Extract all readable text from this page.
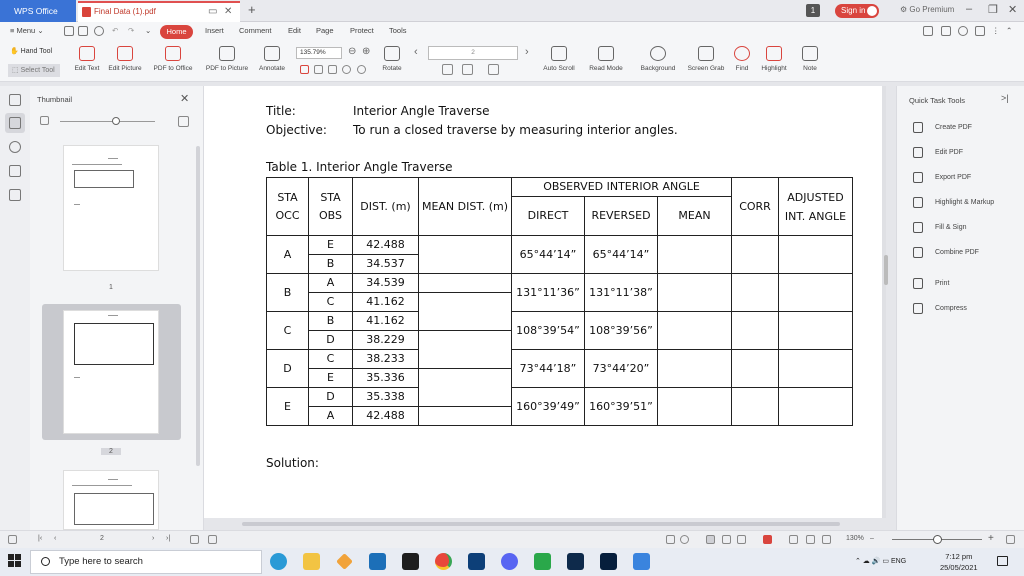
WPS Office	Final Data (1).pdf	▭ ✕ +	1	Sign in	⚙ Go Premium – ❐ ✕
≡ Menu ⌄	↶ ↷ ⌄	Home	Insert Comment Edit Page Protect Tools	⋮ ⌃
✋ Hand Tool
⬚ Select Tool	Edit Text	Edit Picture	PDF to Office	PDF to Picture	Annotate
135.79%	⊖ ⊕
Rotate
‹	2	›
Auto Scroll	Read Mode	Background	Screen Grab	Find	Highlight	Note
Thumbnail	✕
1
2
Title:	Interior Angle Traverse
Objective: To run a closed traverse by measuring interior angles.
Table 1. Interior Angle Traverse
STA OCC	STA OBS	DIST. (m)	MEAN DIST. (m)	OBSERVED INTERIOR ANGLE			CORR	ADJUSTED INT. ANGLE
				DIRECT	REVERSED	MEAN		
A	E	42.488		65°44’14”	65°44’14”			
	B	34.537						
B	A	34.539		131°11’36”	131°11’38”			
	C	41.162						
C	B	41.162		108°39’54”	108°39’56”			
	D	38.229						
D	C	38.233		73°44’18”	73°44’20”			
	E	35.336						
E	D	35.338		160°39’49”	160°39’51”			
	A	42.488						
Solution:
Quick Task Tools	>|
Create PDF
Edit PDF
Export PDF
Highlight & Markup
Fill & Sign
Combine PDF
Print
Compress
|‹ ‹	2	› ›|	130% –	+
Type here to search	⌃ ☁ 🔊 ▭ ENG
7:12 pm
25/05/2021
